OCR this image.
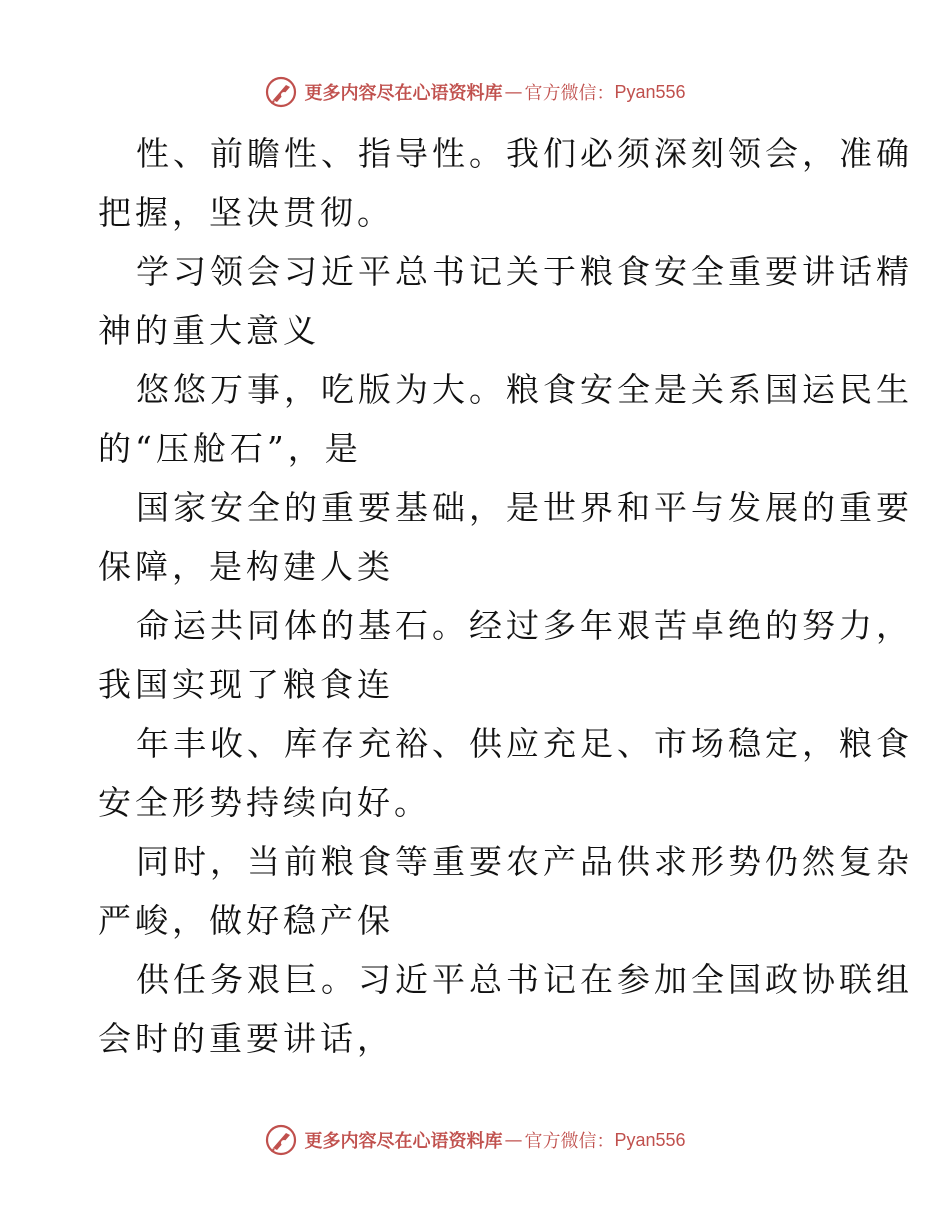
更多内容尽在心语资料库 — 官方微信： Pyan556
性、前瞻性、指导性。我们必须深刻领会，准确
把握，坚决贯彻。
学习领会习近平总书记关于粮食安全重要讲话精
神的重大意义
悠悠万事，吃版为大。粮食安全是关系国运民生
的“压舱石”，是
国家安全的重要基础，是世界和平与发展的重要
保障，是构建人类
命运共同体的基石。经过多年艰苦卓绝的努力，
我国实现了粮食连
年丰收、库存充裕、供应充足、市场稳定，粮食
安全形势持续向好。
同时，当前粮食等重要农产品供求形势仍然复杂
严峻，做好稳产保
供任务艰巨。习近平总书记在参加全国政协联组
会时的重要讲话，
更多内容尽在心语资料库 — 官方微信： Pyan556
